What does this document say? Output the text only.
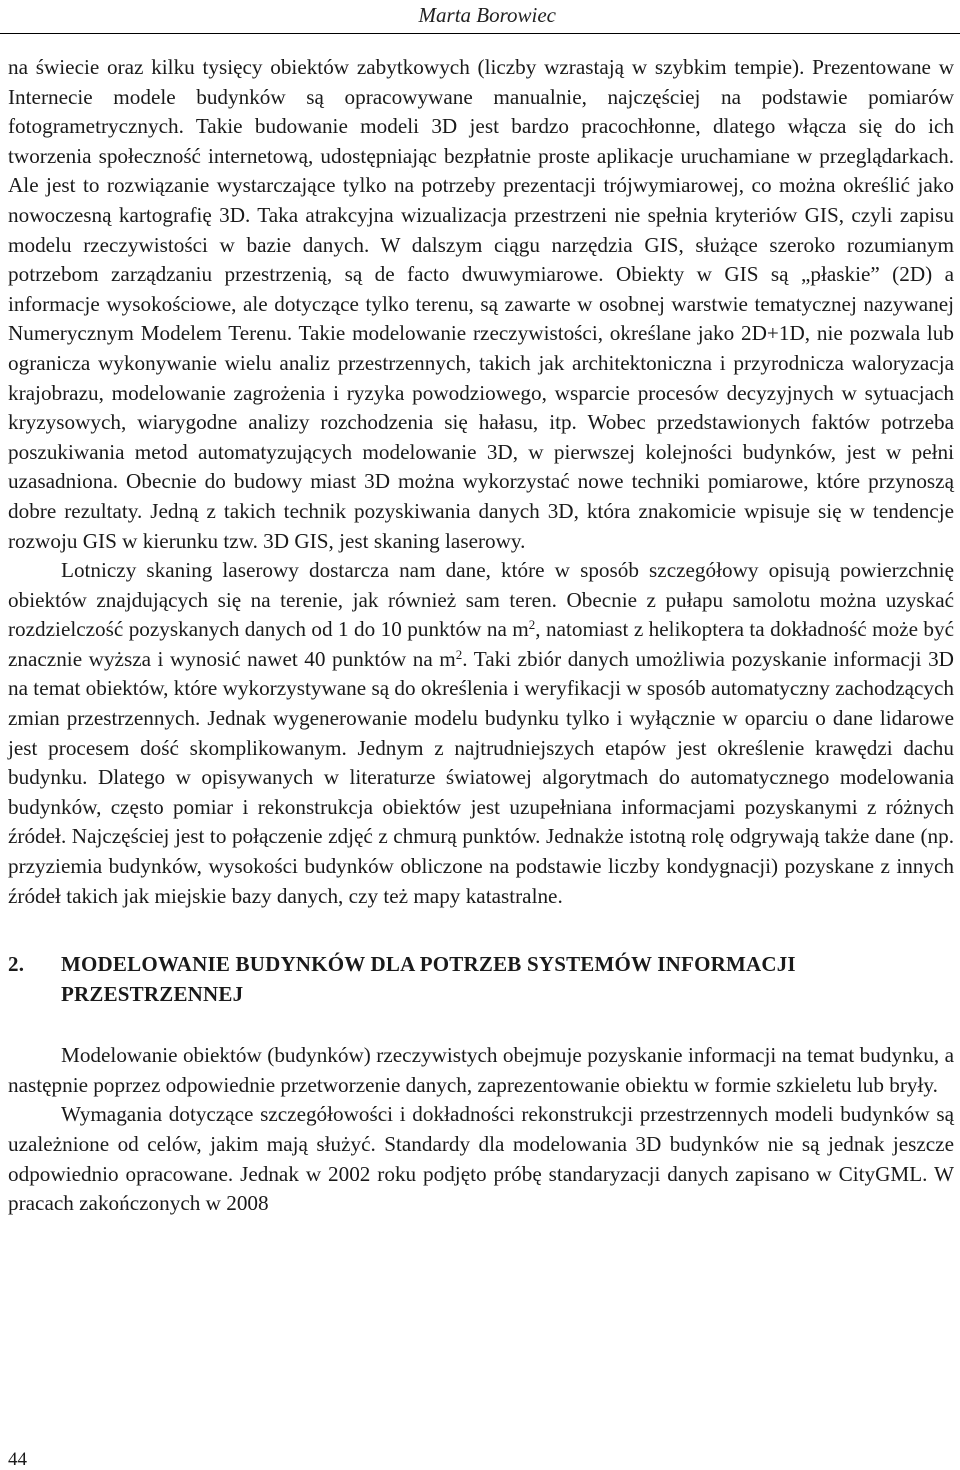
Marta Borowiec

na świecie oraz kilku tysięcy obiektów zabytkowych (liczby wzrastają w szybkim tempie). Prezentowane w Internecie modele budynków są opracowywane manualnie, najczęściej na podstawie pomiarów fotogrametrycznych. Takie budowanie modeli 3D jest bardzo pracochłonne, dlatego włącza się do ich tworzenia społeczność internetową, udostępniając bezpłatnie proste aplikacje uruchamiane w przeglądarkach. Ale jest to rozwiązanie wystarczające tylko na potrzeby prezentacji trójwymiarowej, co można określić jako nowoczesną kartografię 3D. Taka atrakcyjna wizualizacja przestrzeni nie spełnia kryteriów GIS, czyli zapisu modelu rzeczywistości w bazie danych. W dalszym ciągu narzędzia GIS, służące szeroko rozumianym potrzebom zarządzaniu przestrzenią, są de facto dwuwymiarowe. Obiekty w GIS są „płaskie” (2D) a informacje wysokościowe, ale dotyczące tylko terenu, są zawarte w osobnej warstwie tematycznej nazywanej Numerycznym Modelem Terenu. Takie modelowanie rzeczywistości, określane jako 2D+1D, nie pozwala lub ogranicza wykonywanie wielu analiz przestrzennych, takich jak architektoniczna i przyrodnicza waloryzacja krajobrazu, modelowanie zagrożenia i ryzyka powodziowego, wsparcie procesów decyzyjnych w sytuacjach kryzysowych, wiarygodne analizy rozchodzenia się hałasu, itp. Wobec przedstawionych faktów potrzeba poszukiwania metod automatyzujących modelowanie 3D, w pierwszej kolejności budynków, jest w pełni uzasadniona. Obecnie do budowy miast 3D można wykorzystać nowe techniki pomiarowe, które przynoszą dobre rezultaty. Jedną z takich technik pozyskiwania danych 3D, która znakomicie wpisuje się w tendencje rozwoju GIS w kierunku tzw. 3D GIS, jest skaning laserowy.

Lotniczy skaning laserowy dostarcza nam dane, które w sposób szczegółowy opisują powierzchnię obiektów znajdujących się na terenie, jak również sam teren. Obecnie z pułapu samolotu można uzyskać rozdzielczość pozyskanych danych od 1 do 10 punktów na $m^2$, natomiast z helikoptera ta dokładność może być znacznie wyższa i wynosić nawet 40 punktów na $m^2$. Taki zbiór danych umożliwia pozyskanie informacji 3D na temat obiektów, które wykorzystywane są do określenia i weryfikacji w sposób automatyczny zachodzących zmian przestrzennych. Jednak wygenerowanie modelu budynku tylko i wyłącznie w oparciu o dane lidarowe jest procesem dość skomplikowanym. Jednym z najtrudniejszych etapów jest określenie krawędzi dachu budynku. Dlatego w opisywanych w literaturze światowej algorytmach do automatycznego modelowania budynków, często pomiar i rekonstrukcja obiektów jest uzupełniana informacjami pozyskanymi z różnych źródeł. Najczęściej jest to połączenie zdjęć z chmurą punktów. Jednakże istotną rolę odgrywają także dane (np. przyziemia budynków, wysokości budynków obliczone na podstawie liczby kondygnacji) pozyskane z innych źródeł takich jak miejskie bazy danych, czy też mapy katastralne.

2.	MODELOWANIE BUDYNKÓW DLA POTRZEB SYSTEMÓW INFORMACJI PRZESTRZENNEJ

Modelowanie obiektów (budynków) rzeczywistych obejmuje pozyskanie informacji na temat budynku, a następnie poprzez odpowiednie przetworzenie danych, zaprezentowanie obiektu w formie szkieletu lub bryły.

Wymagania dotyczące szczegółowości i dokładności rekonstrukcji przestrzennych modeli budynków są uzależnione od celów, jakim mają służyć. Standardy dla modelowania 3D budynków nie są jednak jeszcze odpowiednio opracowane. Jednak w 2002 roku podjęto próbę standaryzacji danych zapisano w CityGML. W pracach zakończonych w 2008

44
